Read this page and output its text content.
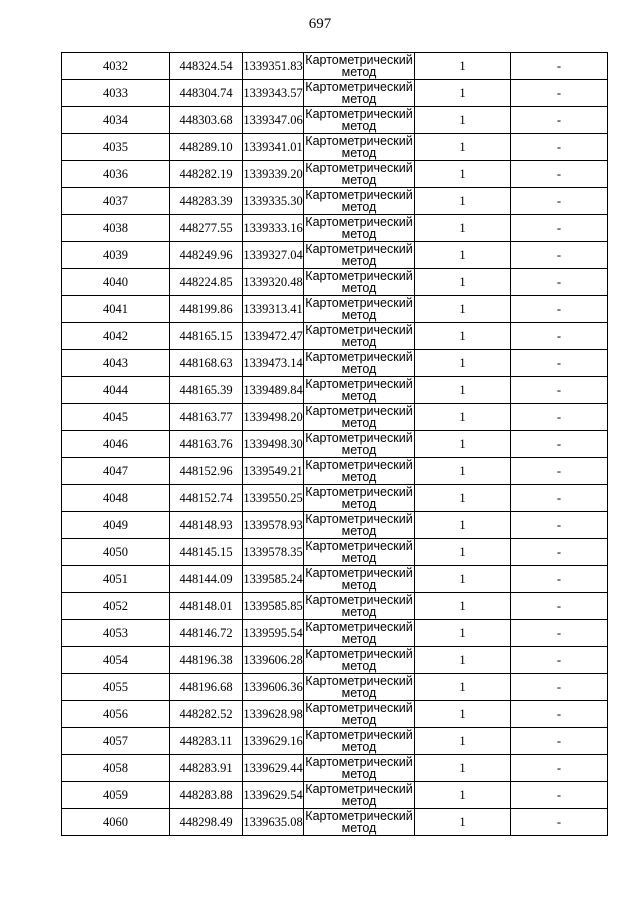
697
4032	448324.54	1339351.83	Картометрический
метод	1	-
4033	448304.74	1339343.57	Картометрический
метод	1	-
4034	448303.68	1339347.06	Картометрический
метод	1	-
4035	448289.10	1339341.01	Картометрический
метод	1	-
4036	448282.19	1339339.20	Картометрический
метод	1	-
4037	448283.39	1339335.30	Картометрический
метод	1	-
4038	448277.55	1339333.16	Картометрический
метод	1	-
4039	448249.96	1339327.04	Картометрический
метод	1	-
4040	448224.85	1339320.48	Картометрический
метод	1	-
4041	448199.86	1339313.41	Картометрический
метод	1	-
4042	448165.15	1339472.47	Картометрический
метод	1	-
4043	448168.63	1339473.14	Картометрический
метод	1	-
4044	448165.39	1339489.84	Картометрический
метод	1	-
4045	448163.77	1339498.20	Картометрический
метод	1	-
4046	448163.76	1339498.30	Картометрический
метод	1	-
4047	448152.96	1339549.21	Картометрический
метод	1	-
4048	448152.74	1339550.25	Картометрический
метод	1	-
4049	448148.93	1339578.93	Картометрический
метод	1	-
4050	448145.15	1339578.35	Картометрический
метод	1	-
4051	448144.09	1339585.24	Картометрический
метод	1	-
4052	448148.01	1339585.85	Картометрический
метод	1	-
4053	448146.72	1339595.54	Картометрический
метод	1	-
4054	448196.38	1339606.28	Картометрический
метод	1	-
4055	448196.68	1339606.36	Картометрический
метод	1	-
4056	448282.52	1339628.98	Картометрический
метод	1	-
4057	448283.11	1339629.16	Картометрический
метод	1	-
4058	448283.91	1339629.44	Картометрический
метод	1	-
4059	448283.88	1339629.54	Картометрический
метод	1	-
4060	448298.49	1339635.08	Картометрический
метод	1	-
